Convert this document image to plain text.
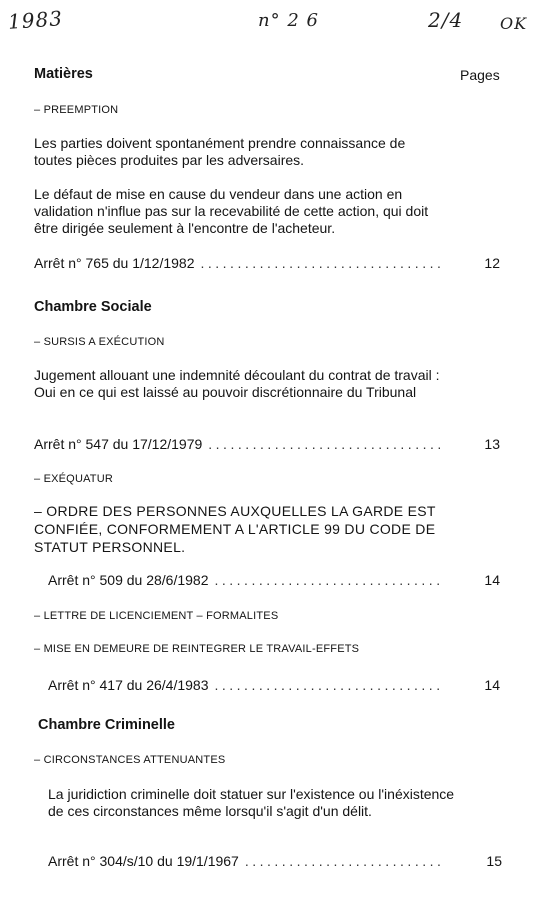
1983	n° 2 6	2/4 OK
Matières	Pages
– PREEMPTION
Les parties doivent spontanément prendre connaissance de toutes pièces produites par les adversaires.
Le défaut de mise en cause du vendeur dans une action en validation n'influe pas sur la recevabilité de cette action, qui doit être dirigée seulement à l'encontre de l'acheteur.
Arrêt n° 765 du 1/12/1982 .....	12
Chambre Sociale
– SURSIS A EXÉCUTION
Jugement allouant une indemnité découlant du contrat de travail : Oui en ce qui est laissé au pouvoir discrétionnaire du Tribunal
Arrêt n° 547 du 17/12/1979 .....	13
– EXÉQUATUR
– ORDRE DES PERSONNES AUXQUELLES LA GARDE EST CONFIÉE, CONFORMEMENT A L'ARTICLE 99 DU CODE DE STATUT PERSONNEL.
Arrêt n° 509 du 28/6/1982 .....	14
– LETTRE DE LICENCIEMENT – FORMALITES
– MISE EN DEMEURE DE REINTEGRER LE TRAVAIL-EFFETS
Arrêt n° 417 du 26/4/1983 .....	14
Chambre Criminelle
– CIRCONSTANCES ATTENUANTES
La juridiction criminelle doit statuer sur l'existence ou l'inéxistence de ces circonstances même lorsqu'il s'agit d'un délit.
Arrêt n° 304/s/10 du 19/1/1967 .....	15
